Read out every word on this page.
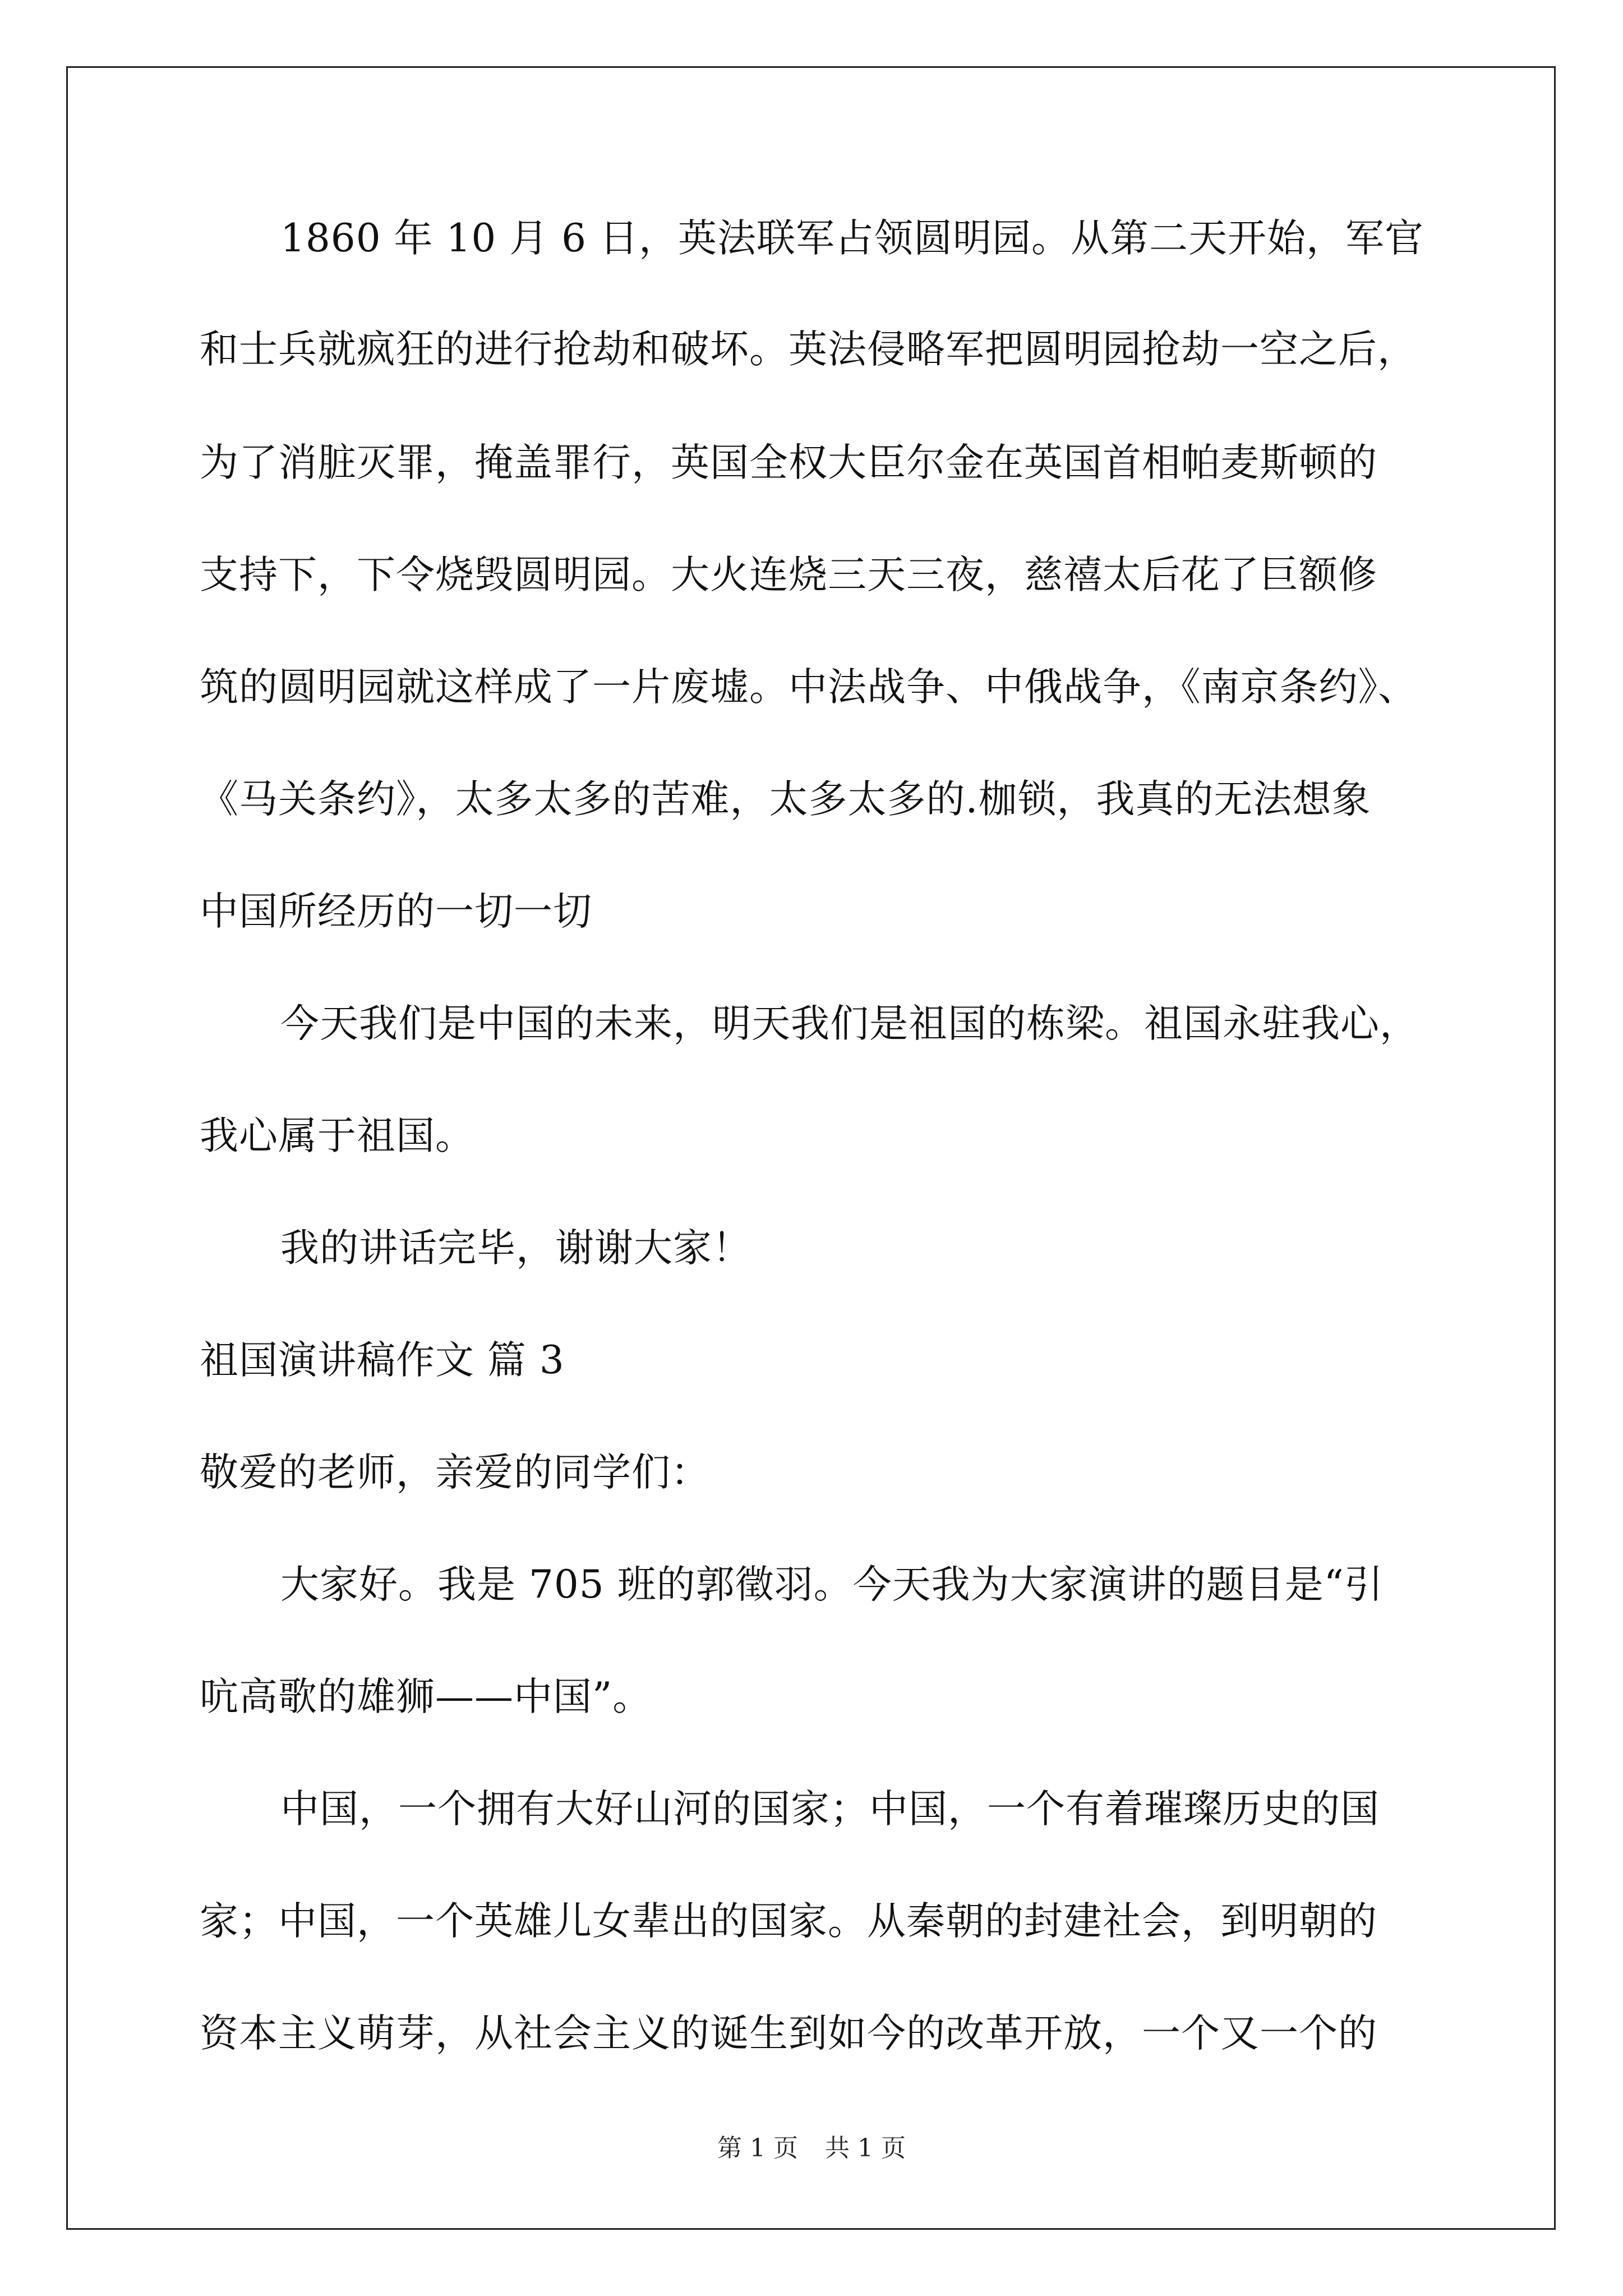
1860 年 10 月 6 日，英法联军占领圆明园。从第二天开始，军官
和士兵就疯狂的进行抢劫和破坏。英法侵略军把圆明园抢劫一空之后，
为了消脏灭罪，掩盖罪行，英国全权大臣尔金在英国首相帕麦斯顿的
支持下，下令烧毁圆明园。大火连烧三天三夜，慈禧太后花了巨额修
筑的圆明园就这样成了一片废墟。中法战争、中俄战争，《南京条约》、
《马关条约》，太多太多的苦难，太多太多的.枷锁，我真的无法想象
中国所经历的一切一切
今天我们是中国的未来，明天我们是祖国的栋梁。祖国永驻我心，
我心属于祖国。
我的讲话完毕，谢谢大家！
祖国演讲稿作文 篇 3
敬爱的老师，亲爱的同学们：
大家好。我是 705 班的郭徵羽。今天我为大家演讲的题目是“引
吭高歌的雄狮——中国”。
中国，一个拥有大好山河的国家；中国，一个有着璀璨历史的国
家；中国，一个英雄儿女辈出的国家。从秦朝的封建社会，到明朝的
资本主义萌芽，从社会主义的诞生到如今的改革开放，一个又一个的
第 1 页 共 1 页
